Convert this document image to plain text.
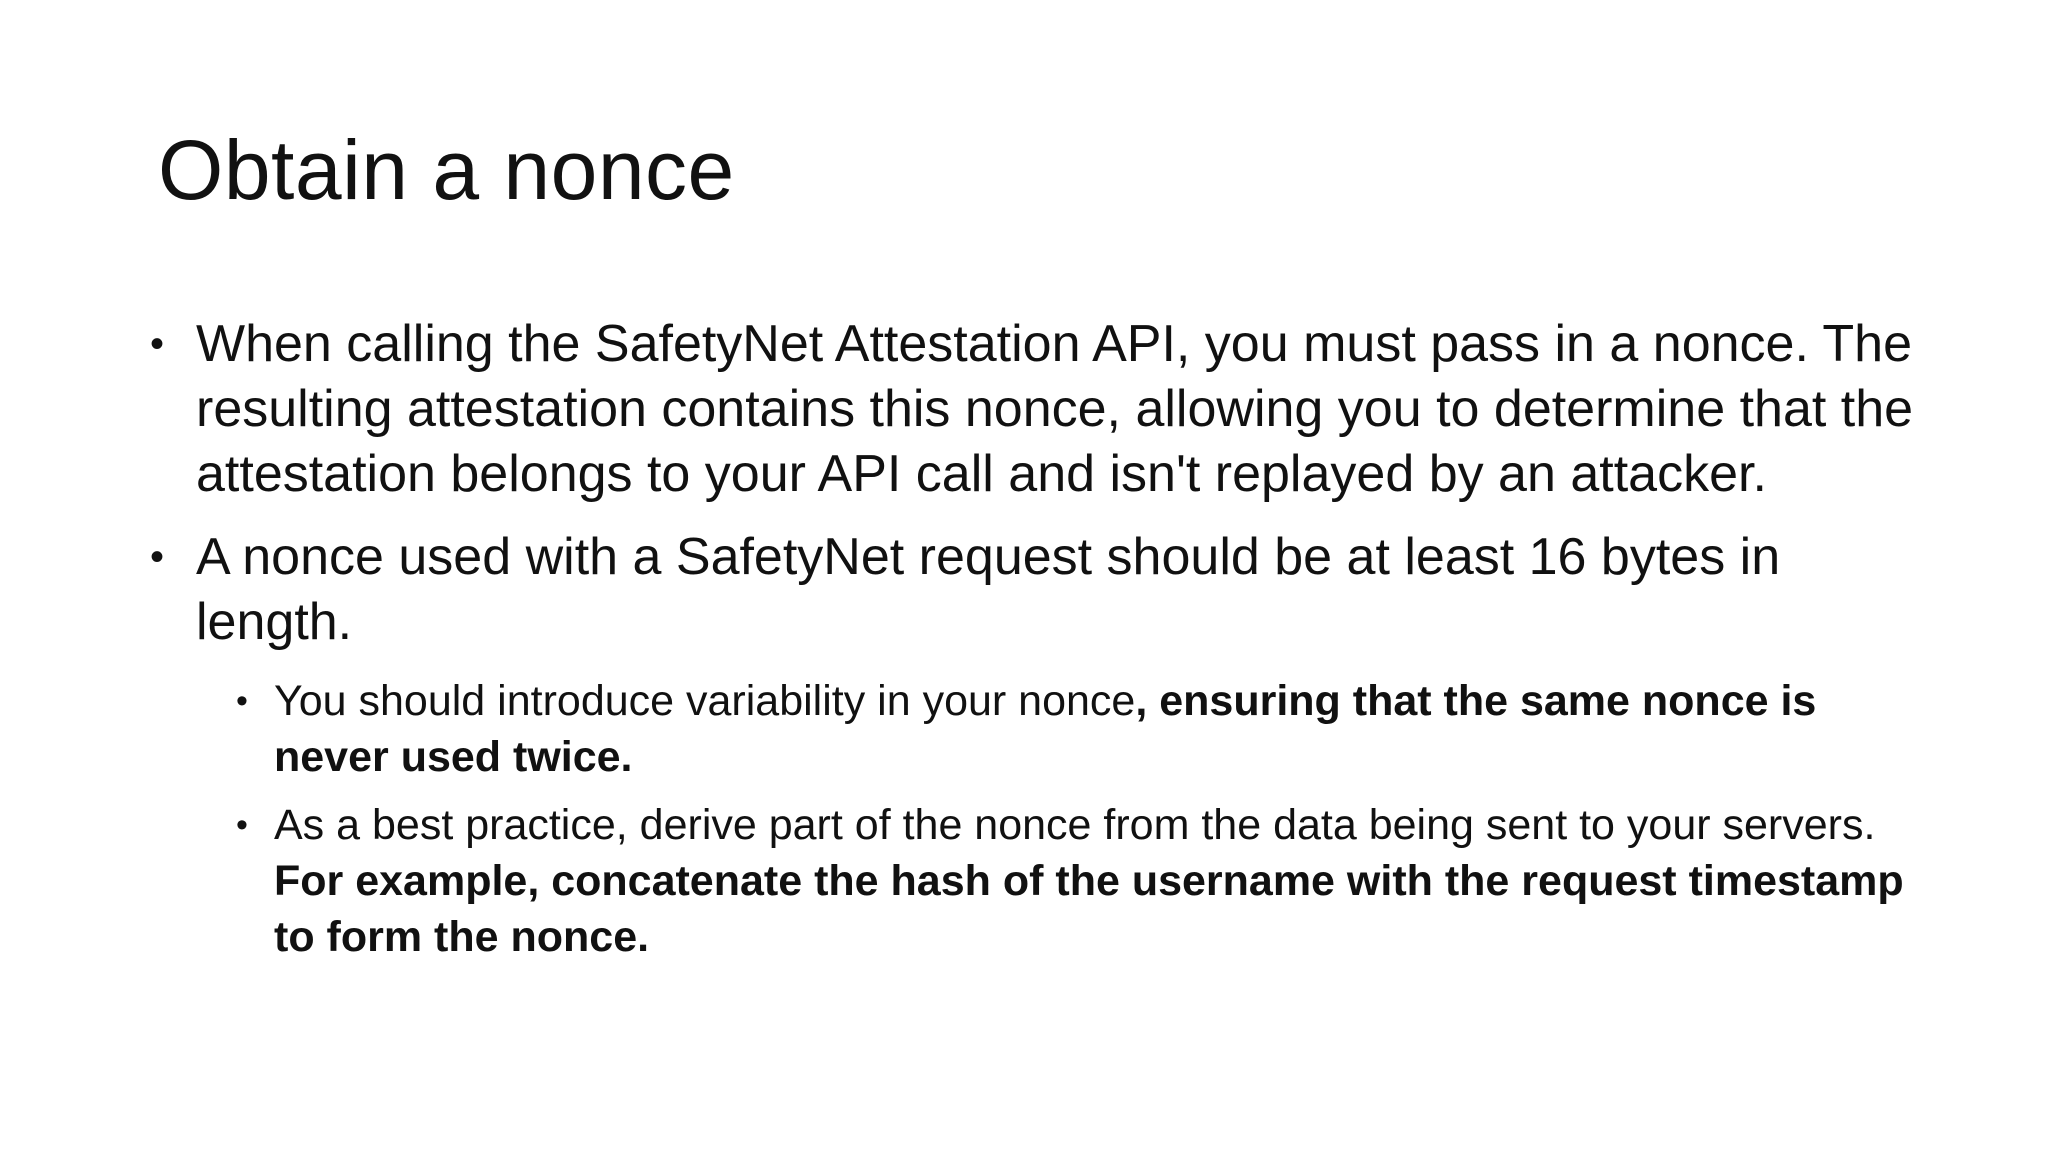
Obtain a nonce
• When calling the SafetyNet Attestation API, you must pass in a nonce. The resulting attestation contains this nonce, allowing you to determine that the attestation belongs to your API call and isn't replayed by an attacker.
• A nonce used with a SafetyNet request should be at least 16 bytes in length.
• You should introduce variability in your nonce, ensuring that the same nonce is never used twice.
• As a best practice, derive part of the nonce from the data being sent to your servers. For example, concatenate the hash of the username with the request timestamp to form the nonce.
